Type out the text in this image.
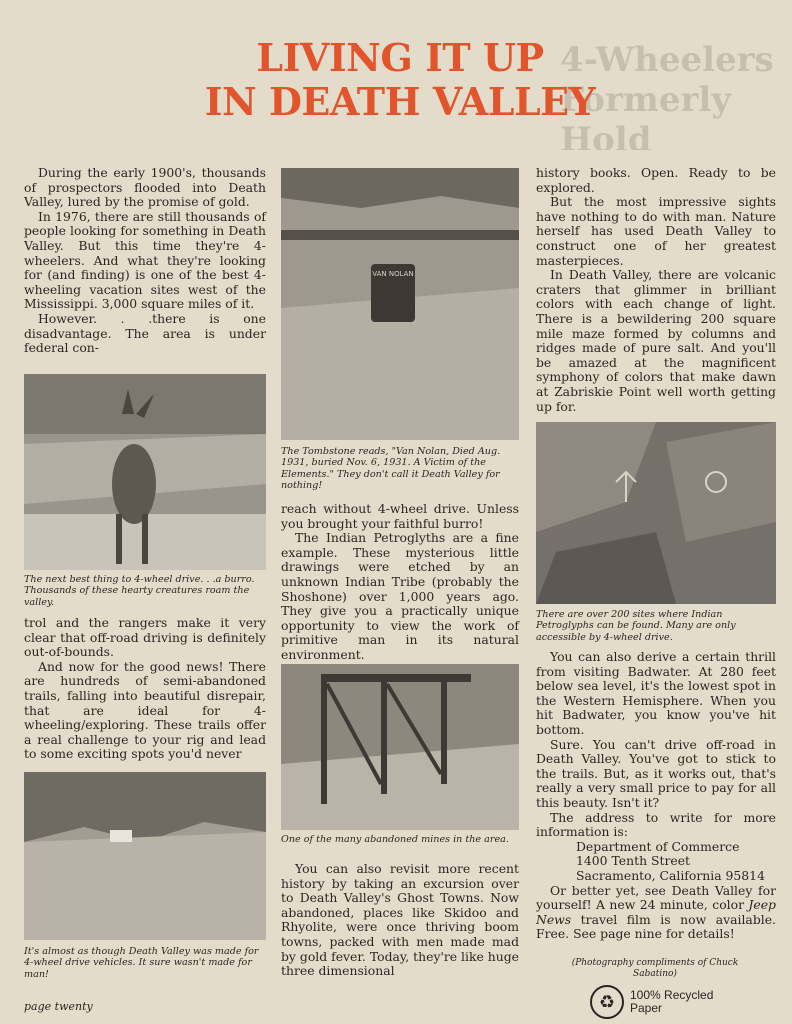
4-Wheelers
Formerly
Hold
LIVING IT UP
IN DEATH VALLEY

During the early 1900's, thousands of prospectors flooded into Death Valley, lured by the promise of gold.

In 1976, there are still thousands of people looking for something in Death Valley. But this time they're 4-wheelers. And what they're looking for (and finding) is one of the best 4-wheeling vacation sites west of the Mississippi. 3,000 square miles of it.

However. . .there is one disadvantage. The area is under federal con-

The next best thing to 4-wheel drive. . .a burro. Thousands of these hearty creatures roam the valley.

trol and the rangers make it very clear that off-road driving is definitely out-of-bounds.

And now for the good news! There are hundreds of semi-abandoned trails, falling into beautiful disrepair, that are ideal for 4-wheeling/exploring. These trails offer a real challenge to your rig and lead to some exciting spots you'd never

It's almost as though Death Valley was made for 4-wheel drive vehicles. It sure wasn't made for man!
VAN NOLAN
The Tombstone reads, "Van Nolan, Died Aug. 1931, buried Nov. 6, 1931. A Victim of the Elements." They don't call it Death Valley for nothing!

reach without 4-wheel drive. Unless you brought your faithful burro!

The Indian Petroglyths are a fine example. These mysterious little drawings were etched by an unknown Indian Tribe (probably the Shoshone) over 1,000 years ago. They give you a practically unique opportunity to view the work of primitive man in its natural environment.

One of the many abandoned mines in the area.

You can also revisit more recent history by taking an excursion over to Death Valley's Ghost Towns. Now abandoned, places like Skidoo and Rhyolite, were once thriving boom towns, packed with men made mad by gold fever. Today, they're like huge three dimensional

history books. Open. Ready to be explored.

But the most impressive sights have nothing to do with man. Nature herself has used Death Valley to construct one of her greatest masterpieces.

In Death Valley, there are volcanic craters that glimmer in brilliant colors with each change of light. There is a bewildering 200 square mile maze formed by columns and ridges made of pure salt. And you'll be amazed at the magnificent symphony of colors that make dawn at Zabriskie Point well worth getting up for.

There are over 200 sites where Indian Petroglyphs can be found. Many are only accessible by 4-wheel drive.

You can also derive a certain thrill from visiting Badwater. At 280 feet below sea level, it's the lowest spot in the Western Hemisphere. When you hit Badwater, you know you've hit bottom.

Sure. You can't drive off-road in Death Valley. You've got to stick to the trails. But, as it works out, that's really a very small price to pay for all this beauty. Isn't it?

The address to write for more information is:

Department of Commerce

1400 Tenth Street

Sacramento, California 95814

Or better yet, see Death Valley for yourself! A new 24 minute, color Jeep News travel film is now available. Free. See page nine for details!

(Photography compliments of Chuck Sabatino)
♻	100% Recycled
Paper
page twenty
